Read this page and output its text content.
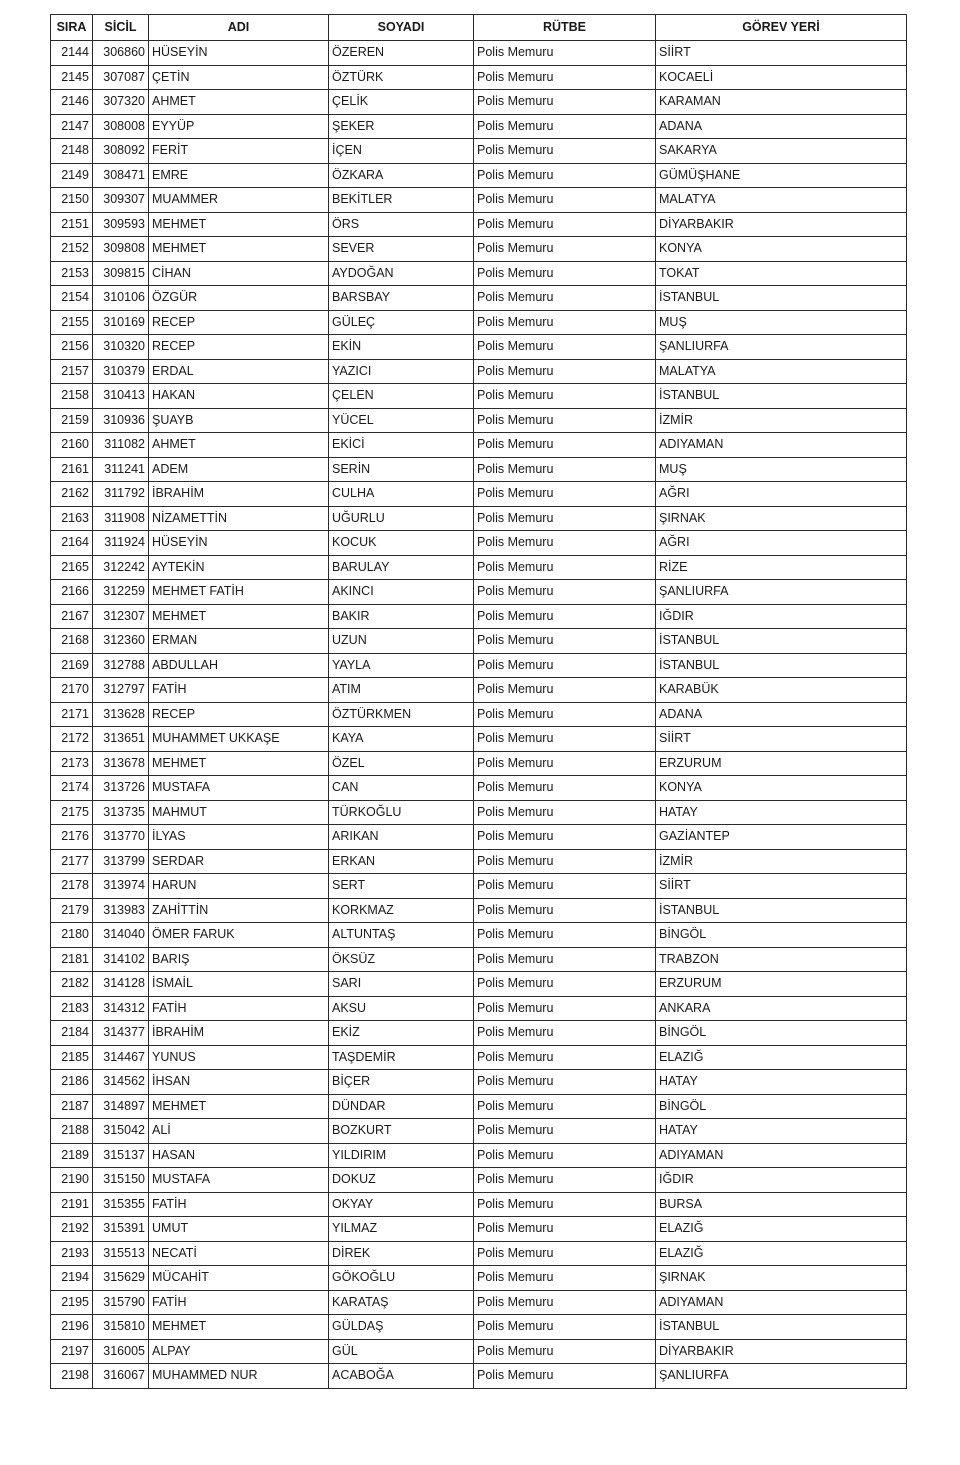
SIRA	SİCİL	ADI	SOYADI	RÜTBE	GÖREV YERİ
2144	306860	HÜSEYİN	ÖZEREN	Polis Memuru	SİİRT
2145	307087	ÇETİN	ÖZTÜRK	Polis Memuru	KOCAELİ
2146	307320	AHMET	ÇELİK	Polis Memuru	KARAMAN
2147	308008	EYYÜP	ŞEKER	Polis Memuru	ADANA
2148	308092	FERİT	İÇEN	Polis Memuru	SAKARYA
2149	308471	EMRE	ÖZKARA	Polis Memuru	GÜMÜŞHANE
2150	309307	MUAMMER	BEKİTLER	Polis Memuru	MALATYA
2151	309593	MEHMET	ÖRS	Polis Memuru	DİYARBAKIR
2152	309808	MEHMET	SEVER	Polis Memuru	KONYA
2153	309815	CİHAN	AYDOĞAN	Polis Memuru	TOKAT
2154	310106	ÖZGÜR	BARSBAY	Polis Memuru	İSTANBUL
2155	310169	RECEP	GÜLEÇ	Polis Memuru	MUŞ
2156	310320	RECEP	EKİN	Polis Memuru	ŞANLIURFA
2157	310379	ERDAL	YAZICI	Polis Memuru	MALATYA
2158	310413	HAKAN	ÇELEN	Polis Memuru	İSTANBUL
2159	310936	ŞUAYB	YÜCEL	Polis Memuru	İZMİR
2160	311082	AHMET	EKİCİ	Polis Memuru	ADIYAMAN
2161	311241	ADEM	SERİN	Polis Memuru	MUŞ
2162	311792	İBRAHİM	CULHA	Polis Memuru	AĞRI
2163	311908	NİZAMETTİN	UĞURLU	Polis Memuru	ŞIRNAK
2164	311924	HÜSEYİN	KOCUK	Polis Memuru	AĞRI
2165	312242	AYTEKİN	BARULAY	Polis Memuru	RİZE
2166	312259	MEHMET FATİH	AKINCI	Polis Memuru	ŞANLIURFA
2167	312307	MEHMET	BAKIR	Polis Memuru	IĞDIR
2168	312360	ERMAN	UZUN	Polis Memuru	İSTANBUL
2169	312788	ABDULLAH	YAYLA	Polis Memuru	İSTANBUL
2170	312797	FATİH	ATIM	Polis Memuru	KARABÜK
2171	313628	RECEP	ÖZTÜRKMEN	Polis Memuru	ADANA
2172	313651	MUHAMMET UKKAŞE	KAYA	Polis Memuru	SİİRT
2173	313678	MEHMET	ÖZEL	Polis Memuru	ERZURUM
2174	313726	MUSTAFA	CAN	Polis Memuru	KONYA
2175	313735	MAHMUT	TÜRKOĞLU	Polis Memuru	HATAY
2176	313770	İLYAS	ARIKAN	Polis Memuru	GAZİANTEP
2177	313799	SERDAR	ERKAN	Polis Memuru	İZMİR
2178	313974	HARUN	SERT	Polis Memuru	SİİRT
2179	313983	ZAHİTTİN	KORKMAZ	Polis Memuru	İSTANBUL
2180	314040	ÖMER FARUK	ALTUNTAŞ	Polis Memuru	BİNGÖL
2181	314102	BARIŞ	ÖKSÜZ	Polis Memuru	TRABZON
2182	314128	İSMAİL	SARI	Polis Memuru	ERZURUM
2183	314312	FATİH	AKSU	Polis Memuru	ANKARA
2184	314377	İBRAHİM	EKİZ	Polis Memuru	BİNGÖL
2185	314467	YUNUS	TAŞDEMİR	Polis Memuru	ELAZIĞ
2186	314562	İHSAN	BİÇER	Polis Memuru	HATAY
2187	314897	MEHMET	DÜNDAR	Polis Memuru	BİNGÖL
2188	315042	ALİ	BOZKURT	Polis Memuru	HATAY
2189	315137	HASAN	YILDIRIM	Polis Memuru	ADIYAMAN
2190	315150	MUSTAFA	DOKUZ	Polis Memuru	IĞDIR
2191	315355	FATİH	OKYAY	Polis Memuru	BURSA
2192	315391	UMUT	YILMAZ	Polis Memuru	ELAZIĞ
2193	315513	NECATİ	DİREK	Polis Memuru	ELAZIĞ
2194	315629	MÜCAHİT	GÖKOĞLU	Polis Memuru	ŞIRNAK
2195	315790	FATİH	KARATAŞ	Polis Memuru	ADIYAMAN
2196	315810	MEHMET	GÜLDAŞ	Polis Memuru	İSTANBUL
2197	316005	ALPAY	GÜL	Polis Memuru	DİYARBAKIR
2198	316067	MUHAMMED NUR	ACABOĞA	Polis Memuru	ŞANLIURFA
